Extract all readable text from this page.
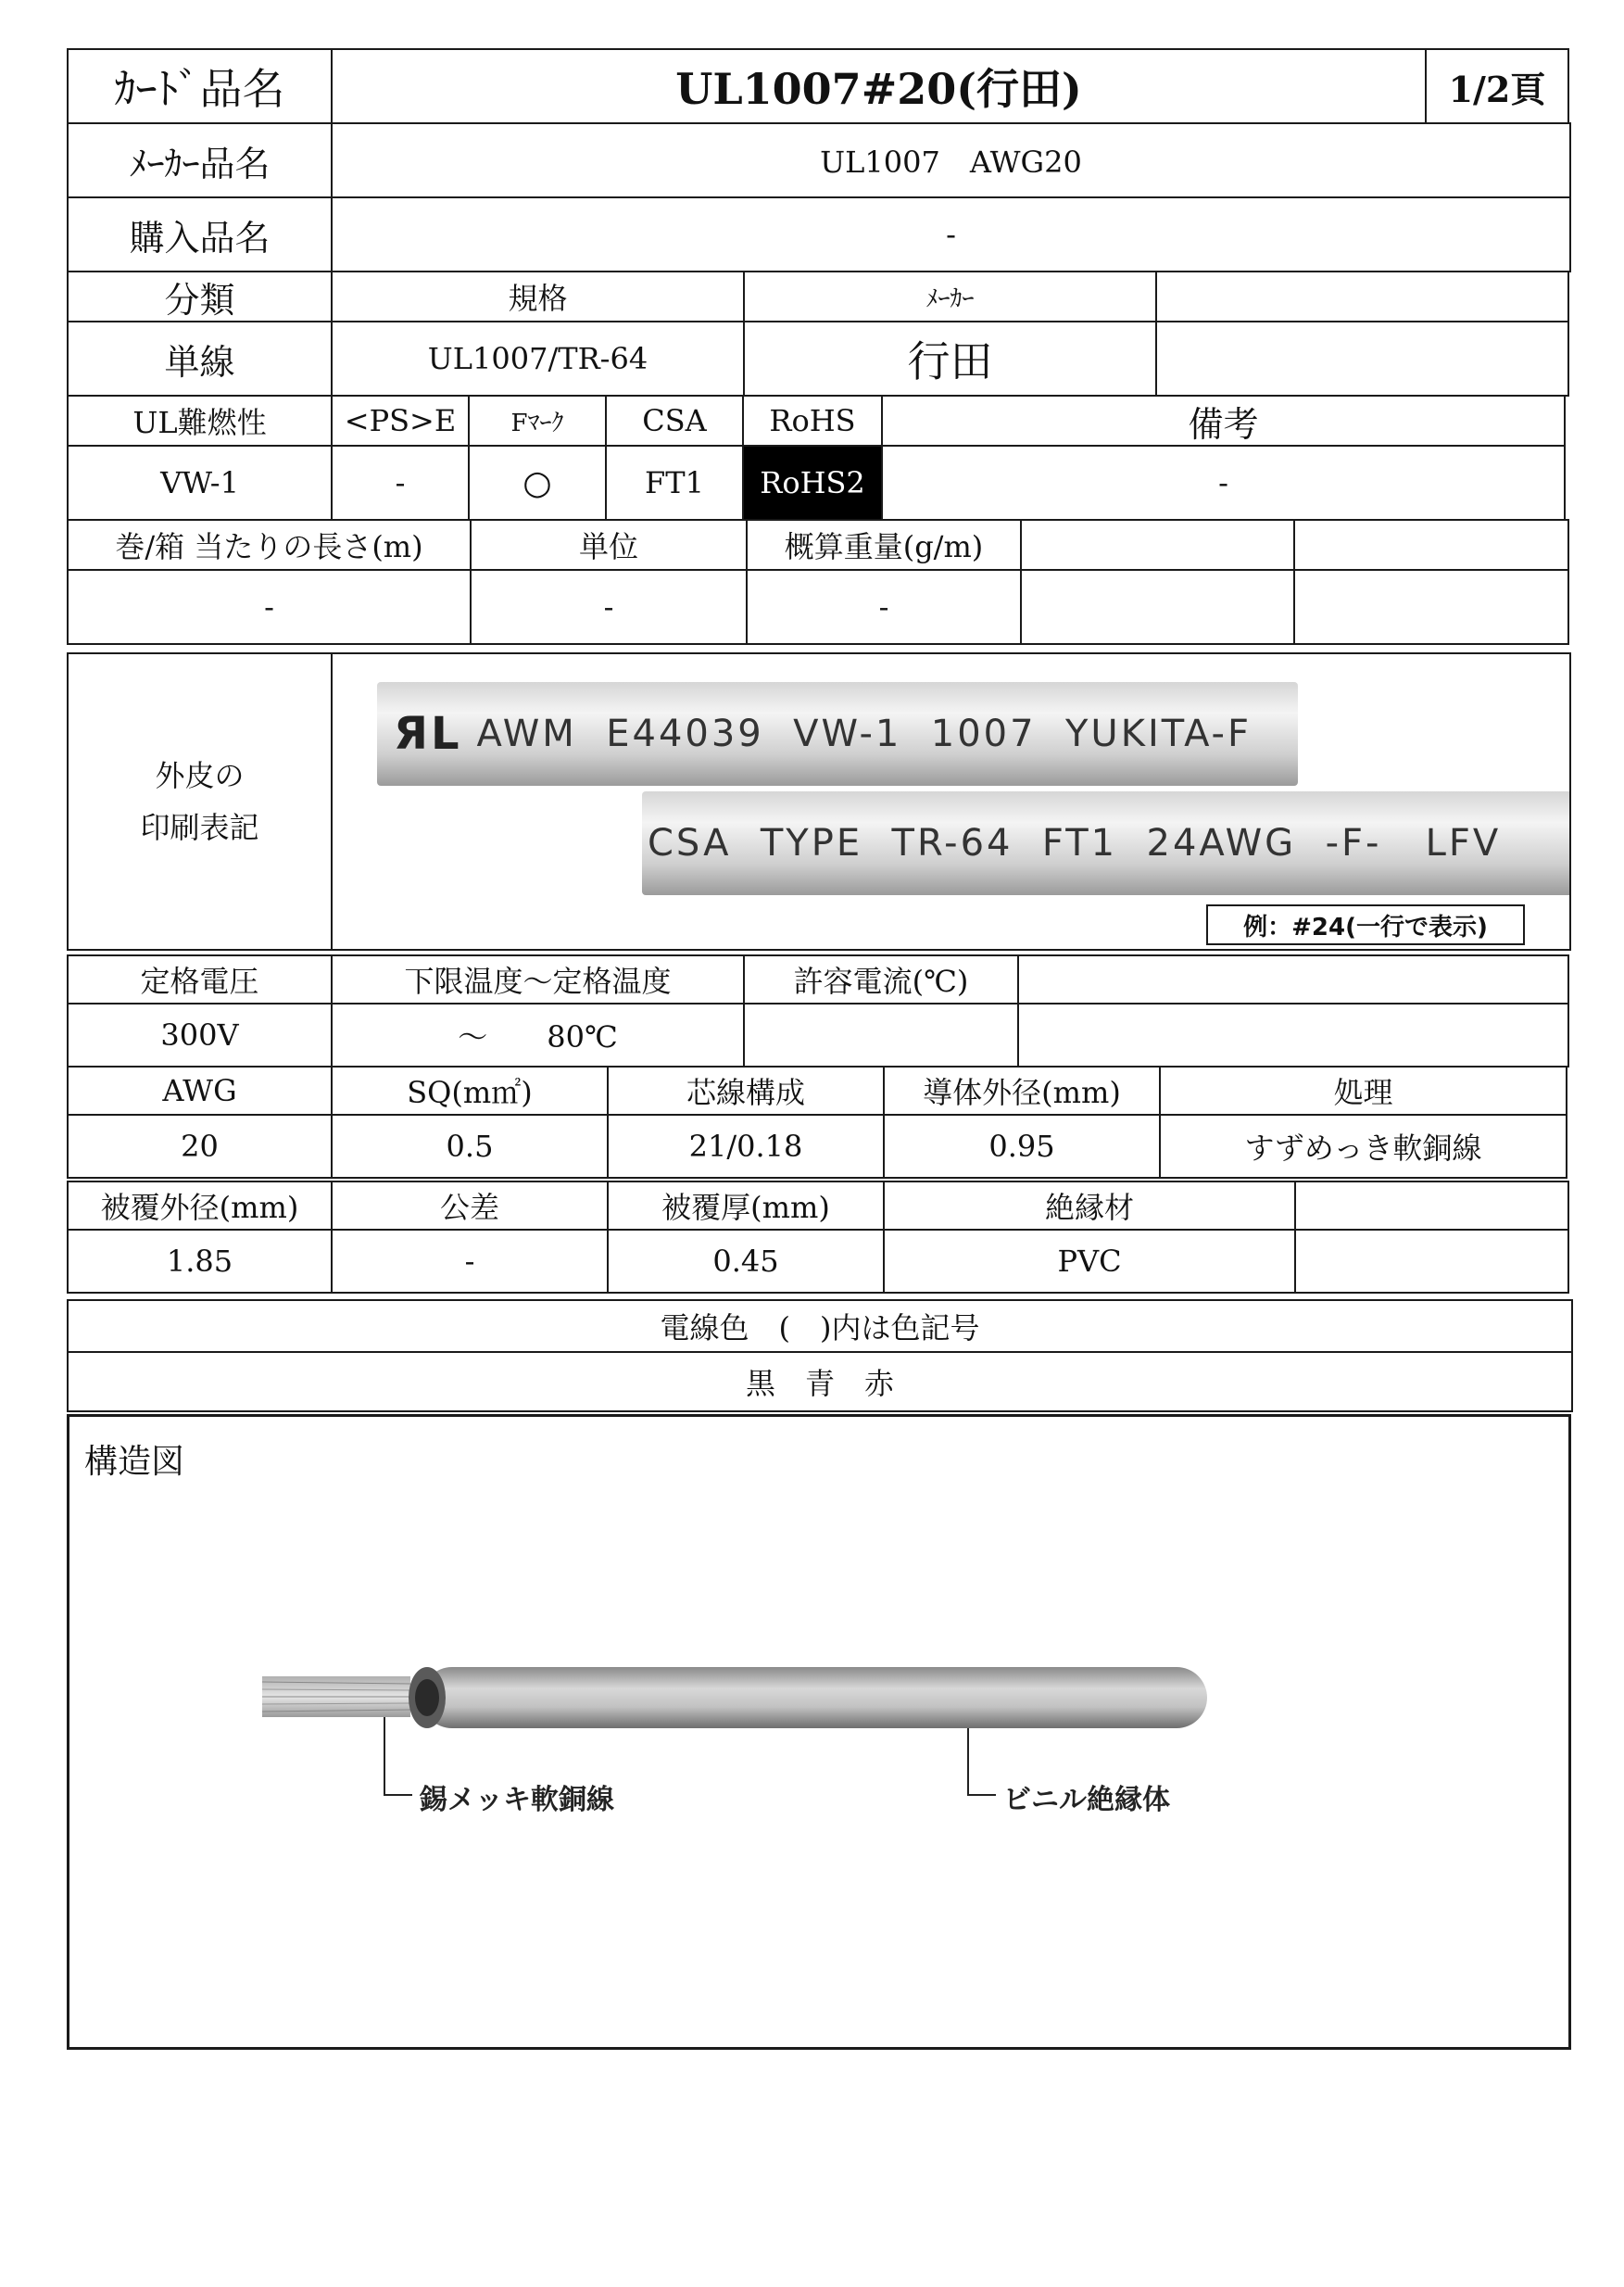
ｶｰﾄﾞ品名	UL1007#20(行田)	1/2頁
ﾒｰｶｰ品名	UL1007　AWG20
購入品名	-
分類	規格	ﾒｰｶｰ
単線	UL1007/TR-64	行田
UL難燃性	<PS>E	Fﾏｰｸ	CSA	RoHS	備考
VW-1	-	○	FT1	RoHS2	-
巻/箱 当たりの長さ(m)	単位	概算重量(g/m)
-	-	-
外皮の
印刷表記
ЯL AWM  E44039  VW-1  1007  YUKITA-F
CSA  TYPE  TR-64  FT1  24AWG  -F-   LFV
例：#24(一行で表示)
定格電圧	下限温度～定格温度	許容電流(℃)
300V	～　　80℃
AWG	SQ(m㎡)	芯線構成	導体外径(mm)	処理
20	0.5	21/0.18	0.95	すずめっき軟銅線
被覆外径(mm)	公差	被覆厚(mm)	絶縁材
1.85	-	0.45	PVC
電線色　(　)内は色記号
黒　青　赤
構造図
錫メッキ軟銅線	ビニル絶縁体
